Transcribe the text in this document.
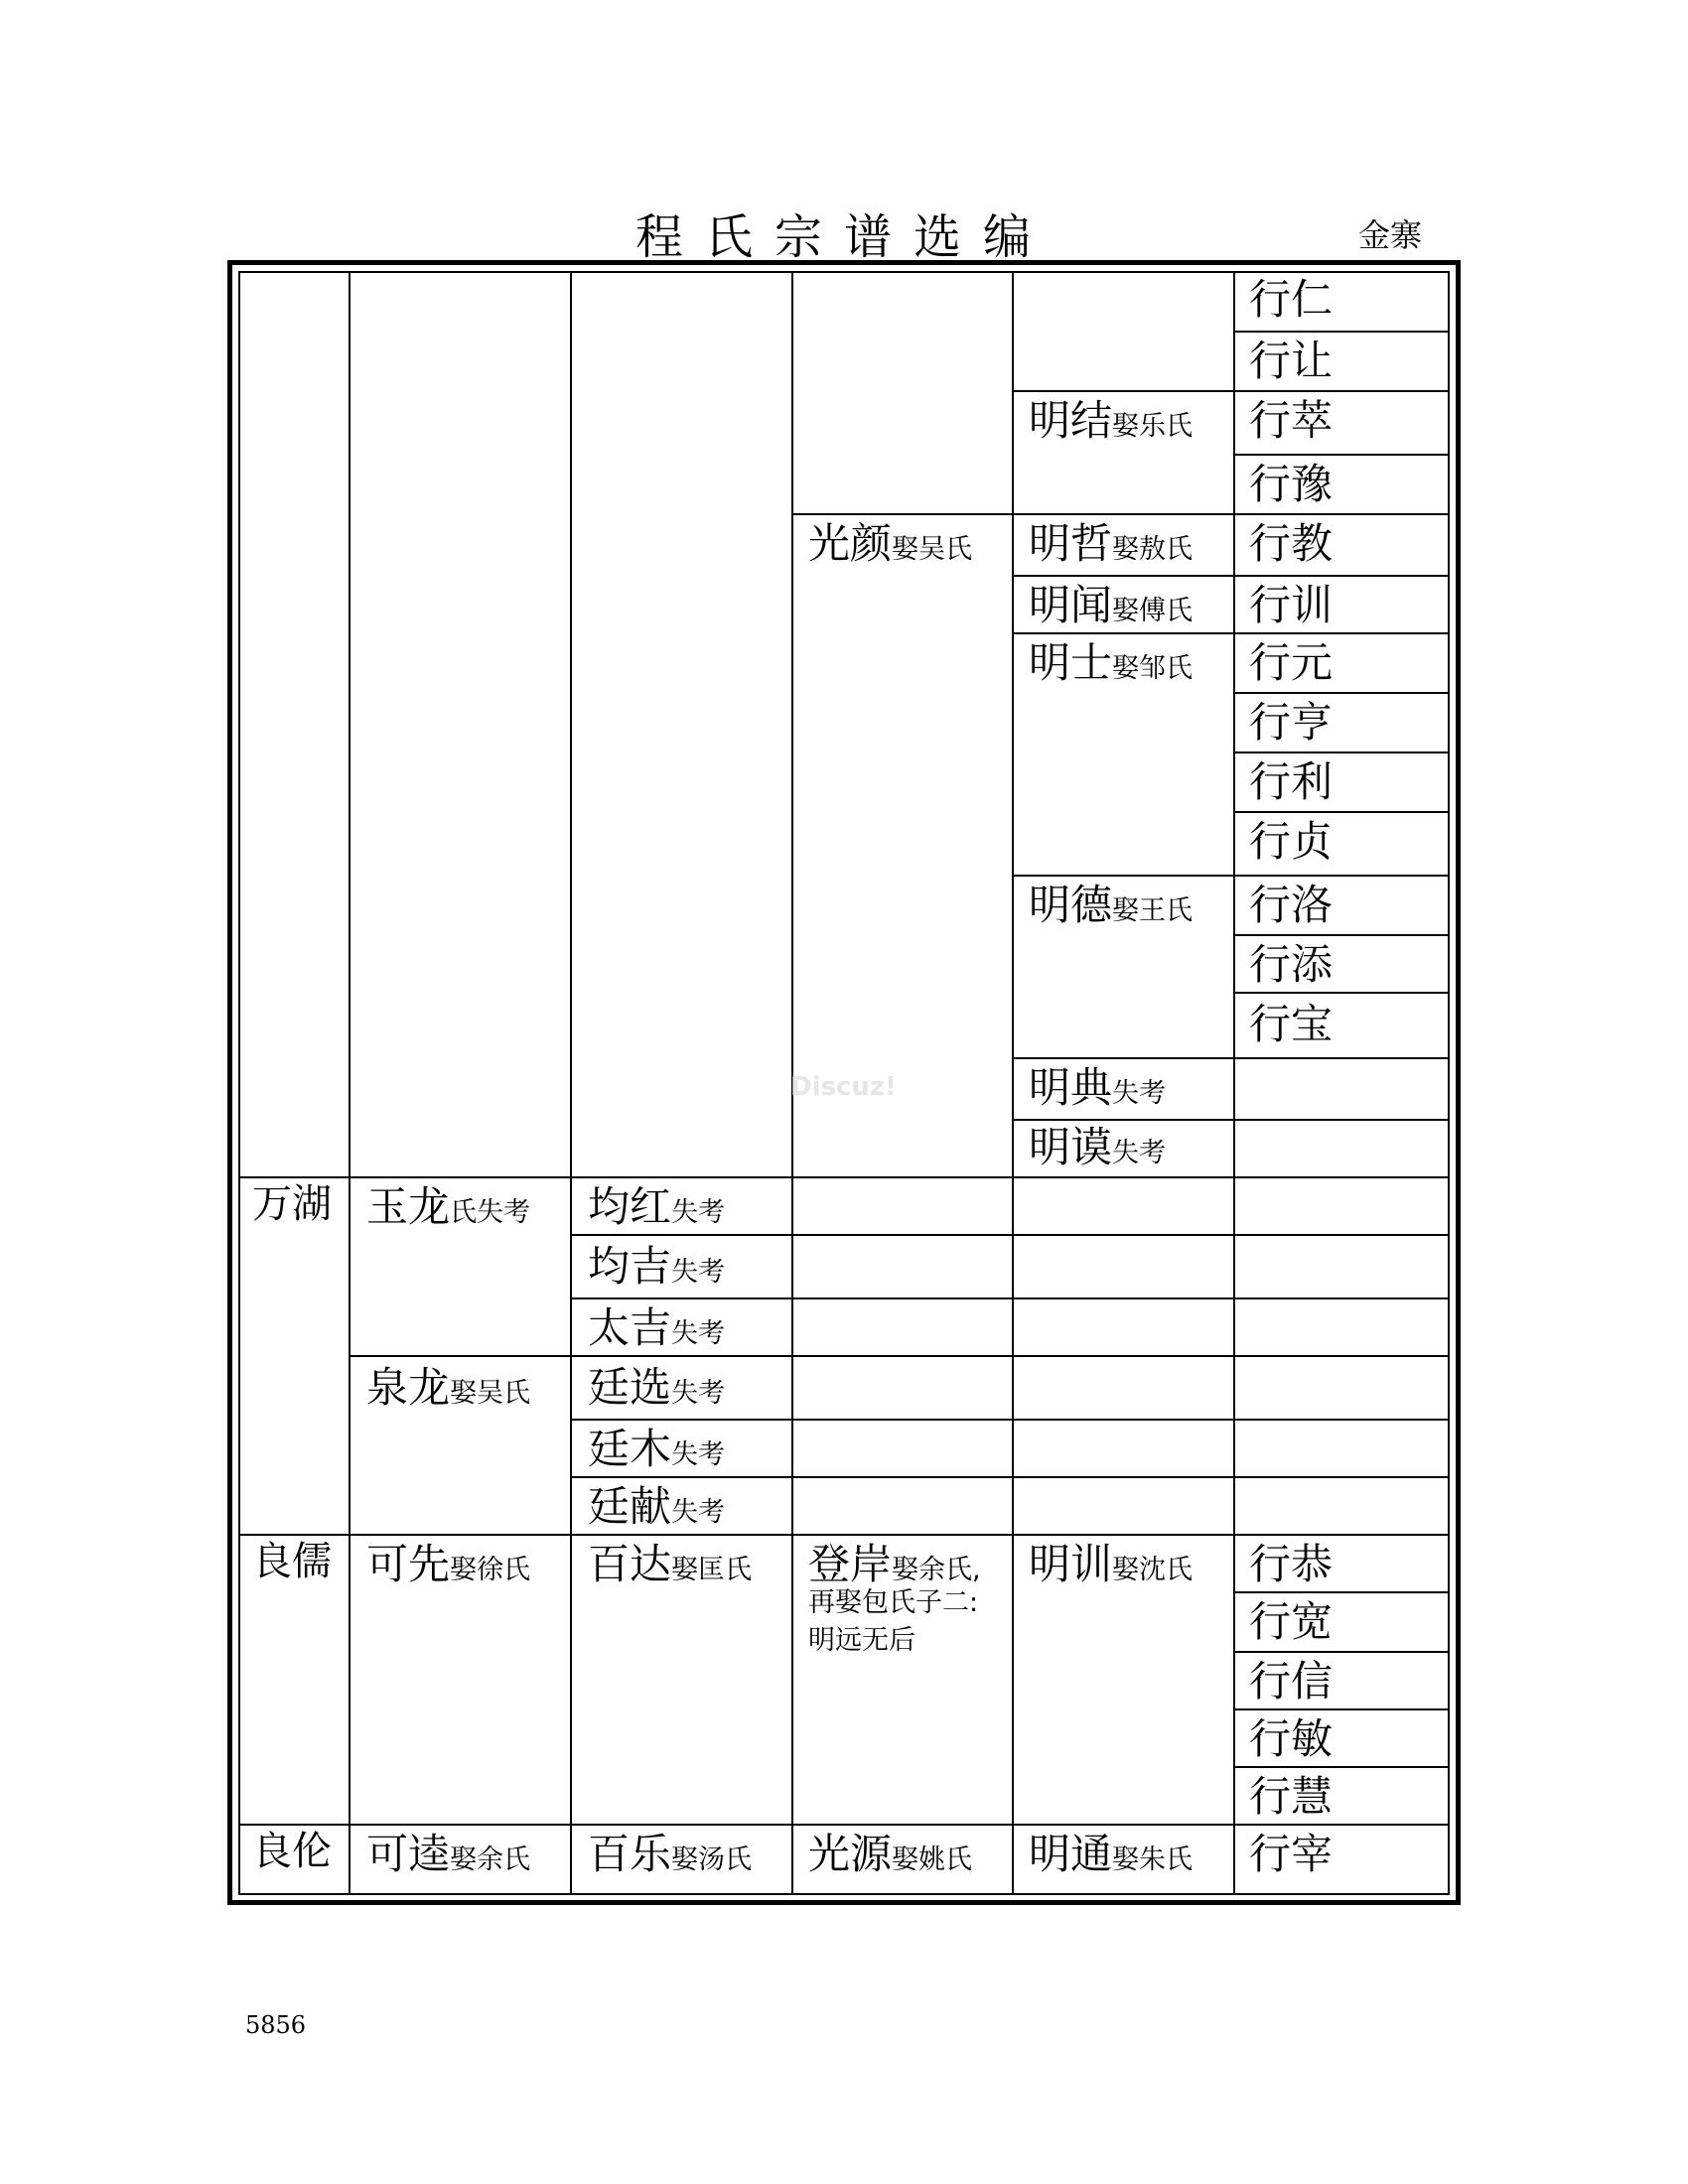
程氏宗谱选编	金寨
行仁
行让
行萃
行豫
行教
行训
行元
行亨
行利
行贞
行洛
行添
行宝
行恭
行宽
行信
行敏
行慧
行宰
明结娶乐氏
明哲娶敖氏
明闻娶傅氏
明士娶邹氏
明德娶王氏
明典失考
明谟失考
明训娶沈氏
明通娶朱氏
光颜娶吴氏
登岸娶余氏,
再娶包氏子二:
明远无后
光源娶姚氏
均红失考
均吉失考
太吉失考
廷选失考
廷木失考
廷献失考
百达娶匡氏
百乐娶汤氏
玉龙氏失考
泉龙娶吴氏
可先娶徐氏
可逵娶余氏
万湖
良儒
良伦
Discuz!
5856
